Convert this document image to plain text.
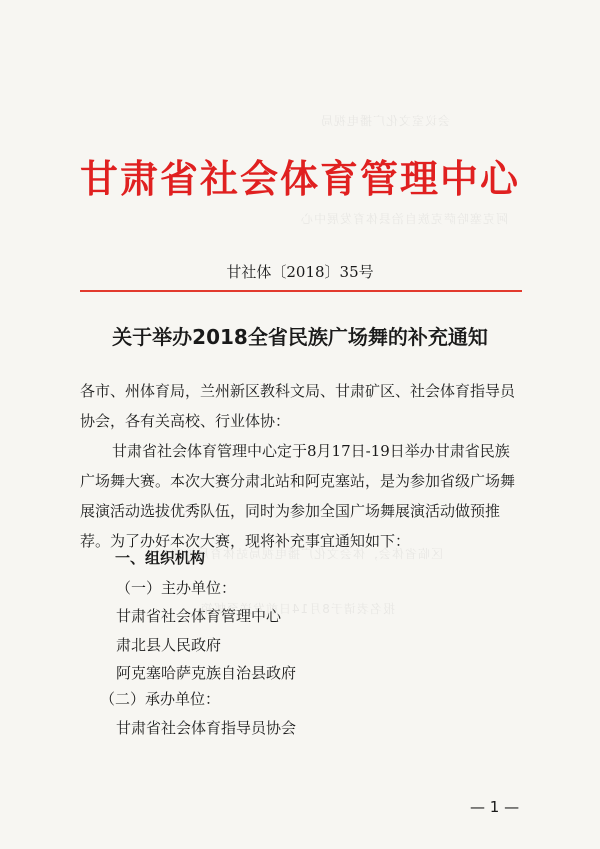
会议室文化广播电视局
阿克塞哈萨克族自治县体育发展中心
区临省体会，体会文化广播电视局站体育局推荐
报名表请于8月14日前发送至邮箱
甘肃省社会体育管理中心
甘社体〔2018〕35号
关于举办2018全省民族广场舞的补充通知
各市、州体育局，兰州新区教科文局、甘肃矿区、社会体育指导员协会，各有关高校、行业体协：
甘肃省社会体育管理中心定于8月17日-19日举办甘肃省民族广场舞大赛。本次大赛分肃北站和阿克塞站，是为参加省级广场舞展演活动选拔优秀队伍，同时为参加全国广场舞展演活动做预推荐。为了办好本次大赛，现将补充事宜通知如下：
一、组织机构
（一）主办单位：
甘肃省社会体育管理中心
肃北县人民政府
阿克塞哈萨克族自治县政府
（二）承办单位：
甘肃省社会体育指导员协会
— 1 —
